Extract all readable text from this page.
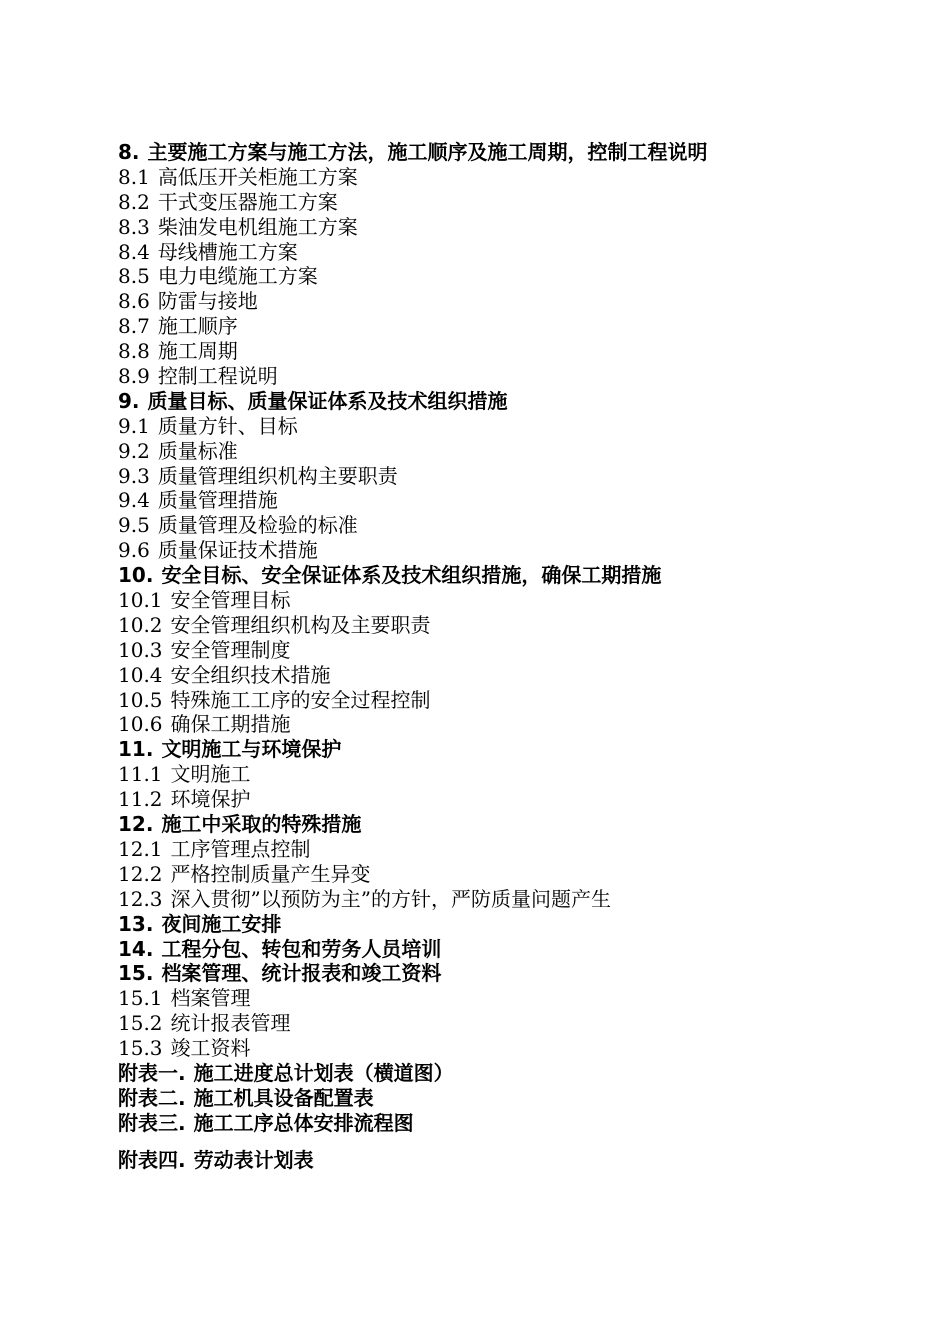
8. 主要施工方案与施工方法，施工顺序及施工周期，控制工程说明
8.1 高低压开关柜施工方案
8.2 干式变压器施工方案
8.3 柴油发电机组施工方案
8.4 母线槽施工方案
8.5 电力电缆施工方案
8.6 防雷与接地
8.7 施工顺序
8.8 施工周期
8.9 控制工程说明
9. 质量目标、质量保证体系及技术组织措施
9.1 质量方针、目标
9.2 质量标准
9.3 质量管理组织机构主要职责
9.4 质量管理措施
9.5 质量管理及检验的标准
9.6 质量保证技术措施
10. 安全目标、安全保证体系及技术组织措施，确保工期措施
10.1 安全管理目标
10.2 安全管理组织机构及主要职责
10.3 安全管理制度
10.4 安全组织技术措施
10.5 特殊施工工序的安全过程控制
10.6 确保工期措施
11. 文明施工与环境保护
11.1 文明施工
11.2 环境保护
12. 施工中采取的特殊措施
12.1 工序管理点控制
12.2 严格控制质量产生异变
12.3 深入贯彻”以预防为主”的方针，严防质量问题产生
13. 夜间施工安排
14. 工程分包、转包和劳务人员培训
15. 档案管理、统计报表和竣工资料
15.1 档案管理
15.2 统计报表管理
15.3 竣工资料
附表一. 施工进度总计划表（横道图）
附表二. 施工机具设备配置表
附表三. 施工工序总体安排流程图
附表四. 劳动表计划表
